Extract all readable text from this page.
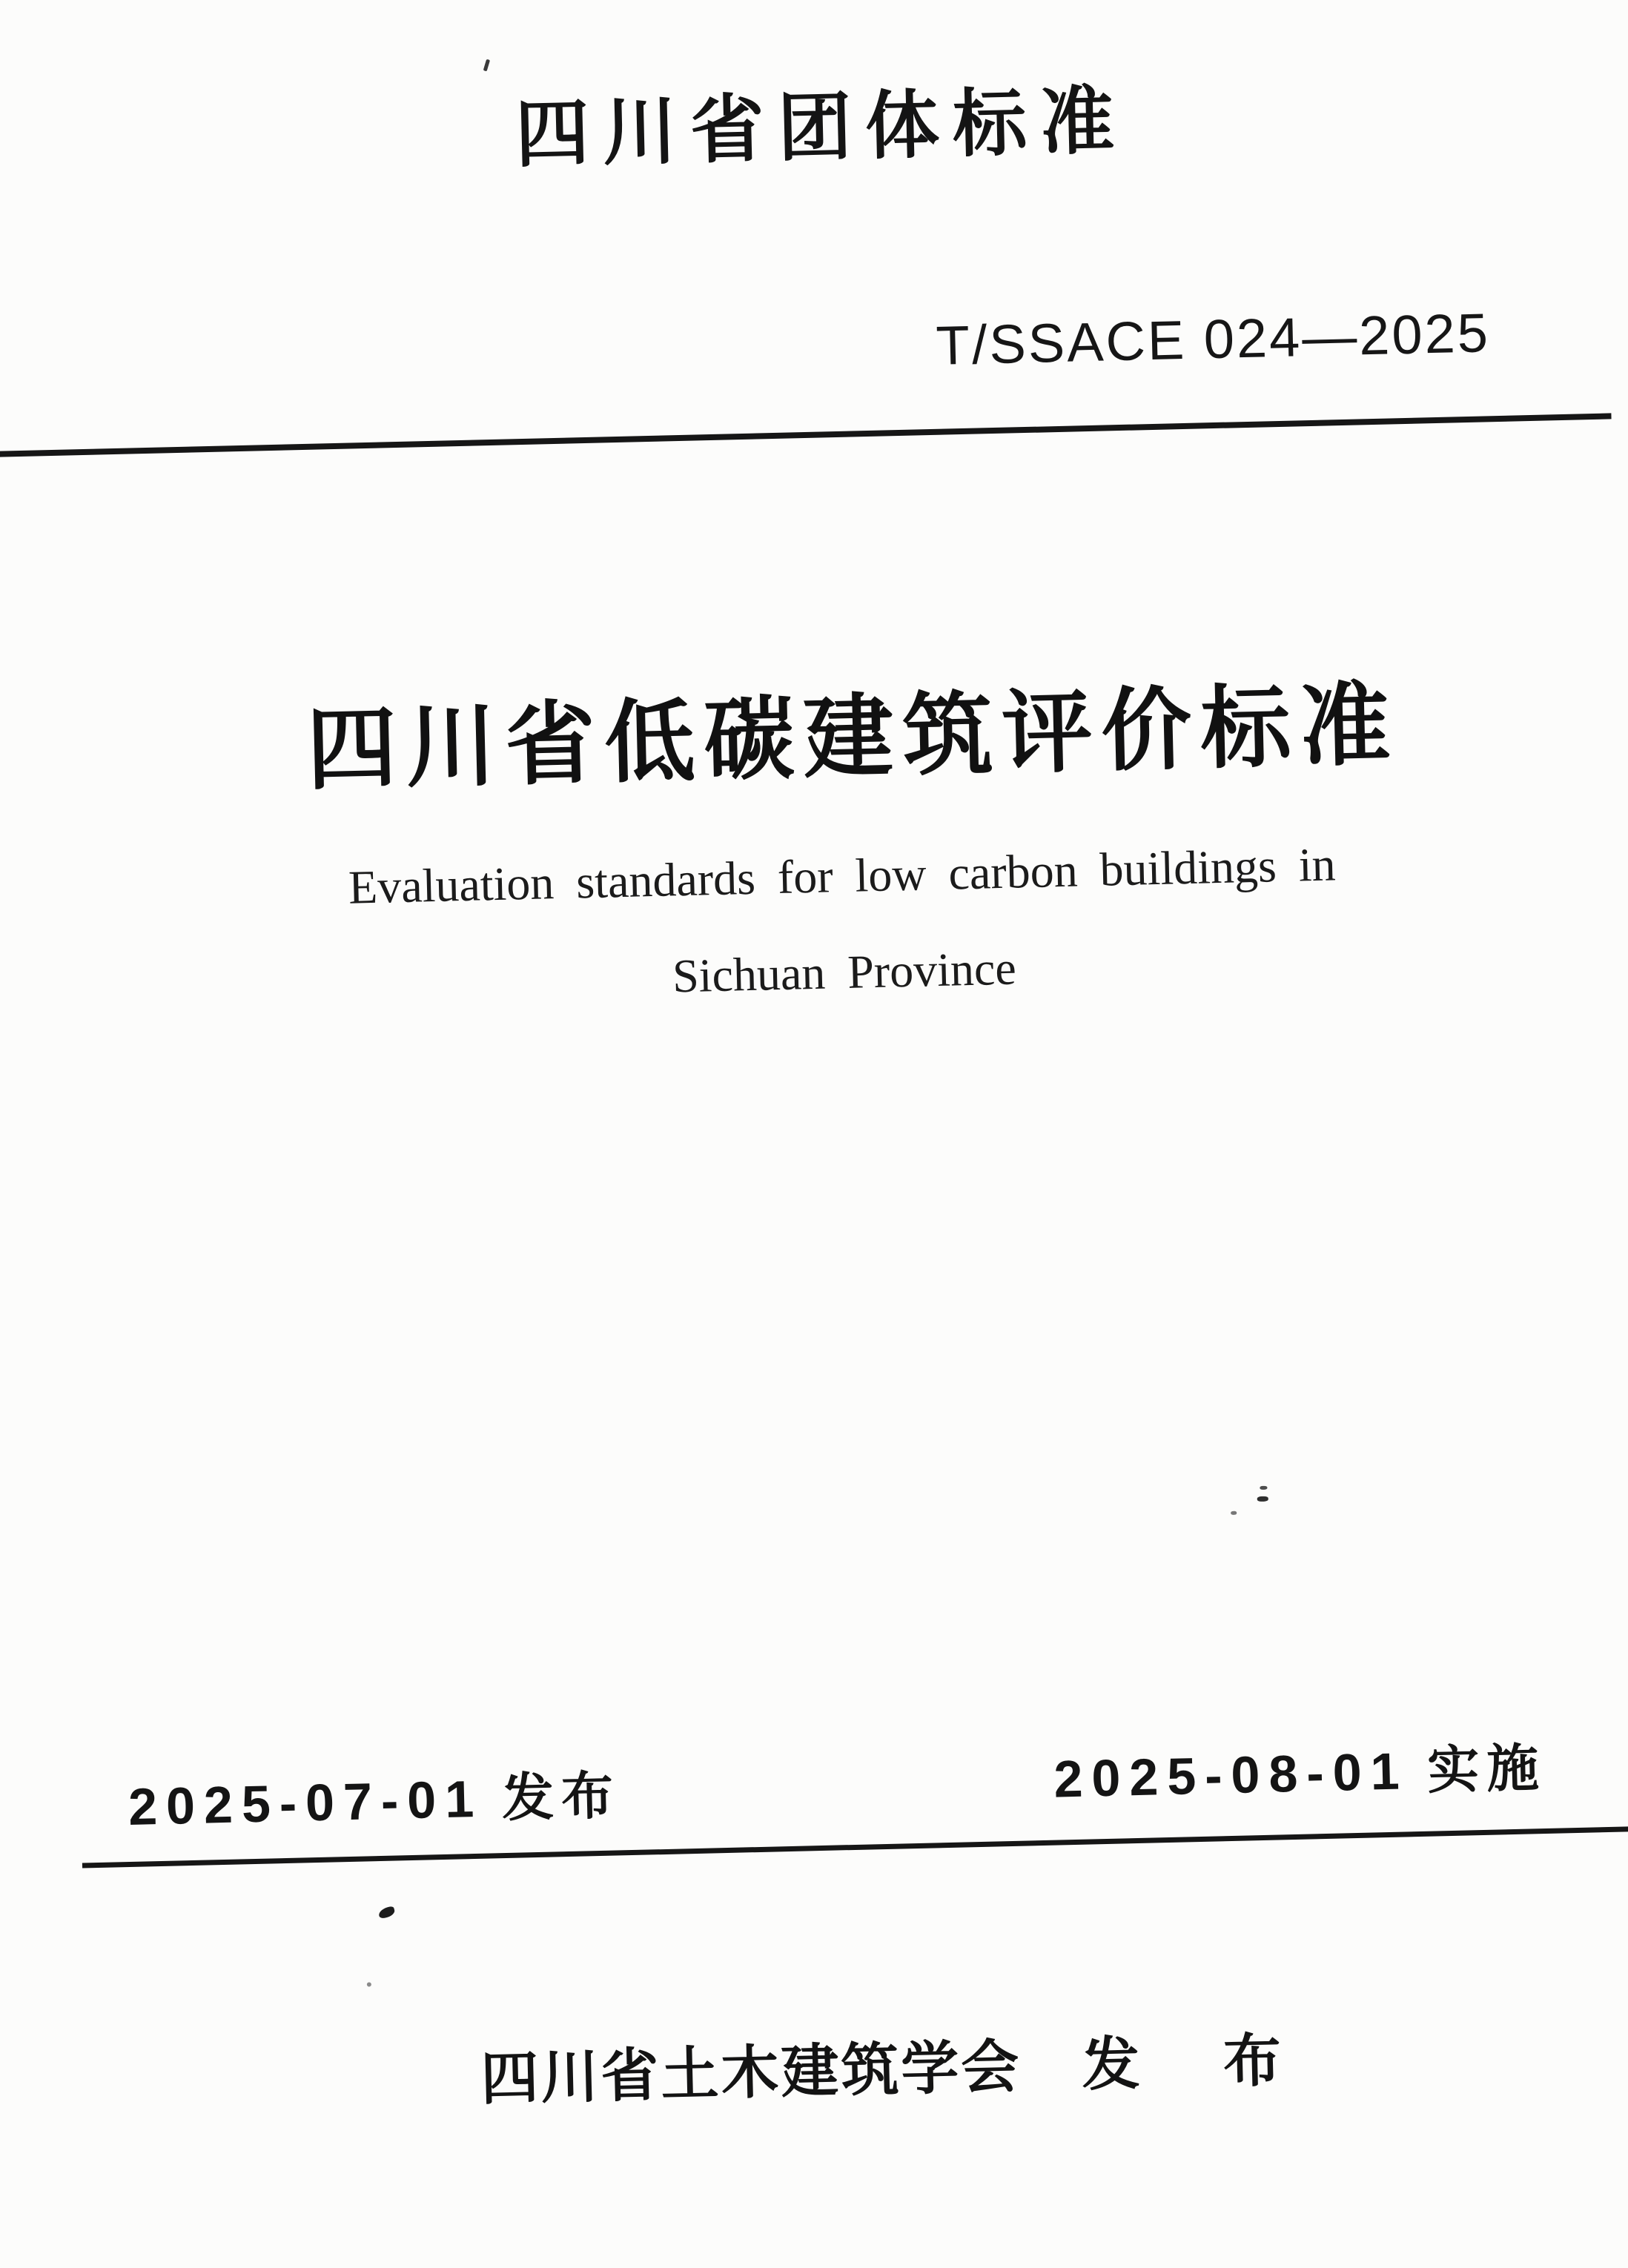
四川省团体标准
T/SSACE 024—2025
四川省低碳建筑评价标准
Evaluation standards for low carbon buildings in
Sichuan Province
2025-07-01 发布	2025-08-01 实施
四川省土木建筑学会 发 布
